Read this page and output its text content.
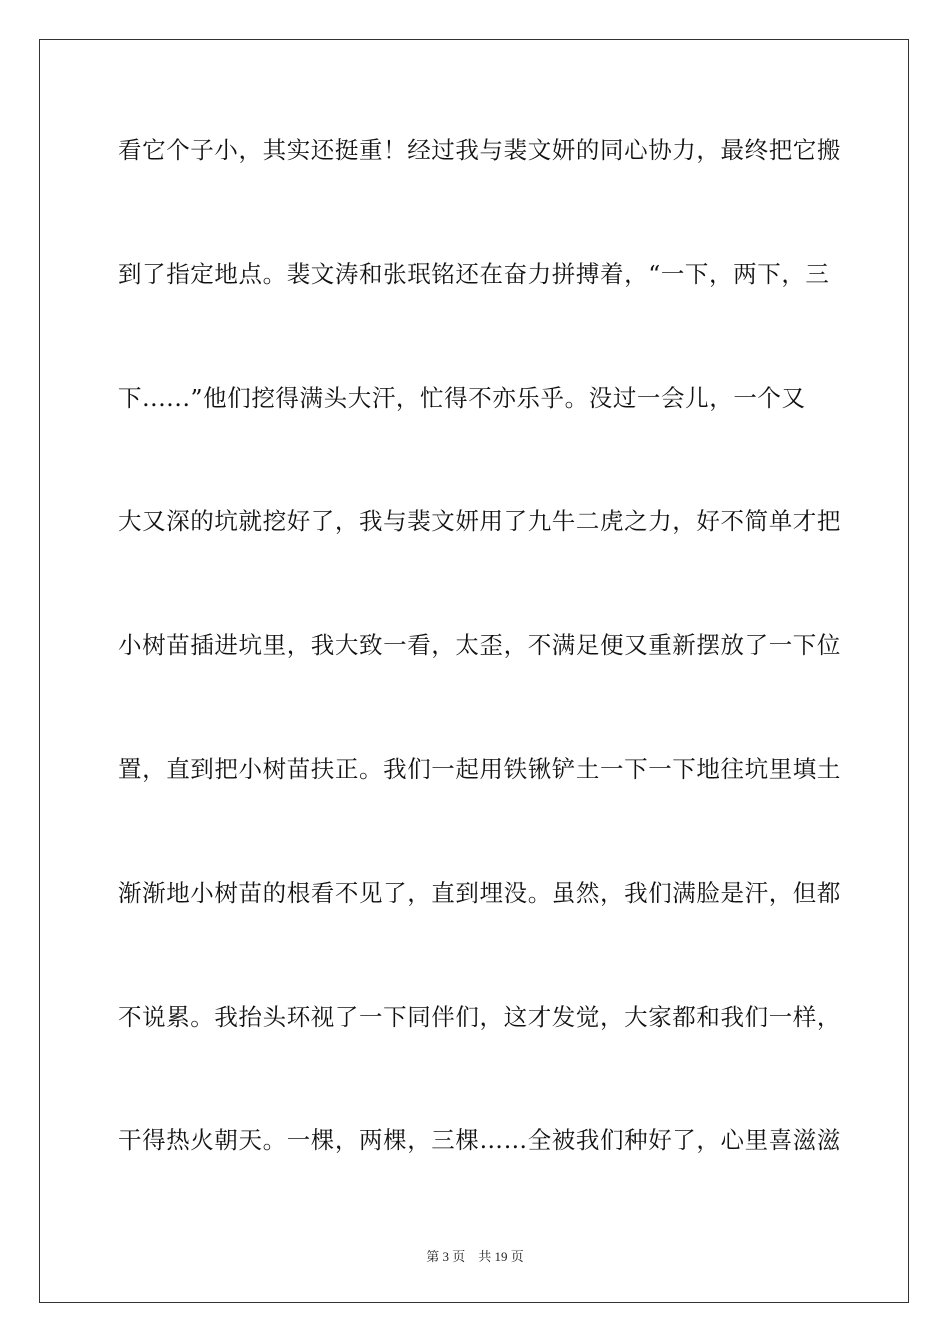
看它个子小，其实还挺重！经过我与裴文妍的同心协力，最终把它搬
到了指定地点。裴文涛和张珉铭还在奋力拼搏着，“一下，两下，三
下......”他们挖得满头大汗，忙得不亦乐乎。没过一会儿，一个又
大又深的坑就挖好了，我与裴文妍用了九牛二虎之力，好不简单才把
小树苗插进坑里，我大致一看，太歪，不满足便又重新摆放了一下位
置，直到把小树苗扶正。我们一起用铁锹铲土一下一下地往坑里填土
渐渐地小树苗的根看不见了，直到埋没。虽然，我们满脸是汗，但都
不说累。我抬头环视了一下同伴们，这才发觉，大家都和我们一样，
干得热火朝天。一棵，两棵，三棵……全被我们种好了，心里喜滋滋
第 3 页 共 19 页
